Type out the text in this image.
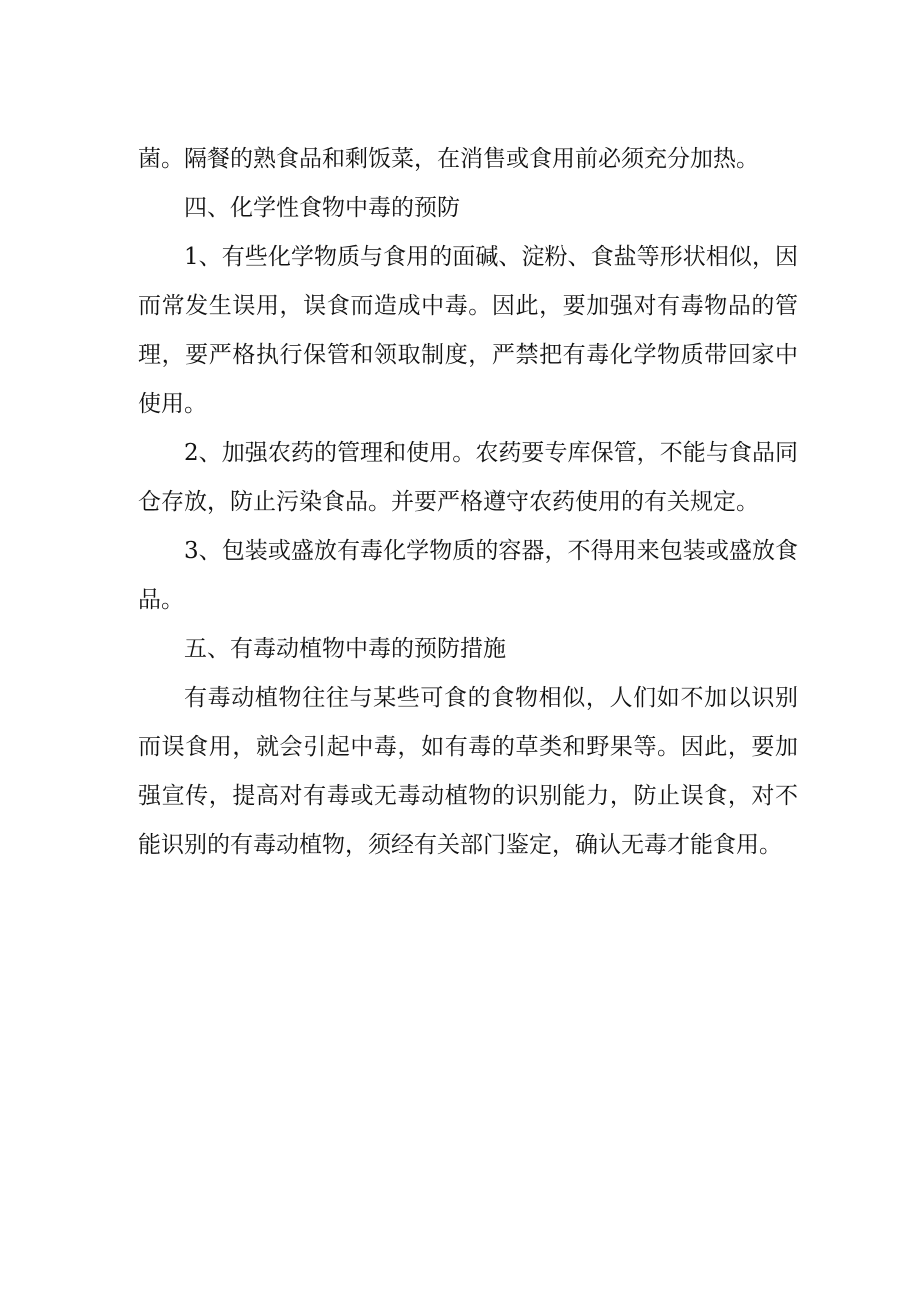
菌。隔餐的熟食品和剩饭菜，在消售或食用前必须充分加热。

四、化学性食物中毒的预防

1、有些化学物质与食用的面碱、淀粉、食盐等形状相似，因而常发生误用，误食而造成中毒。因此，要加强对有毒物品的管理，要严格执行保管和领取制度，严禁把有毒化学物质带回家中使用。

2、加强农药的管理和使用。农药要专库保管，不能与食品同仓存放，防止污染食品。并要严格遵守农药使用的有关规定。

3、包装或盛放有毒化学物质的容器，不得用来包装或盛放食品。

五、有毒动植物中毒的预防措施

有毒动植物往往与某些可食的食物相似，人们如不加以识别而误食用，就会引起中毒，如有毒的草类和野果等。因此，要加强宣传，提高对有毒或无毒动植物的识别能力，防止误食，对不能识别的有毒动植物，须经有关部门鉴定，确认无毒才能食用。
